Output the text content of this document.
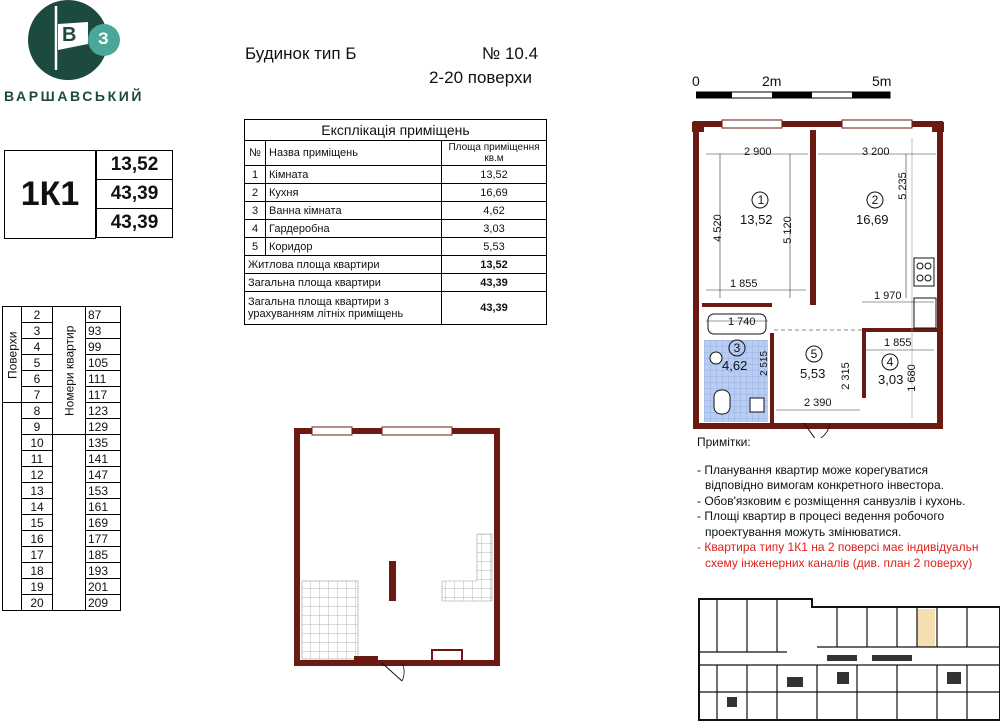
В З
ВАРШАВСЬКИЙ
Будинок тип Б	№ 10.4
2-20 поверхи
1К1
13,52
43,39
43,39
Експлікація приміщень		
№	Назва приміщень	Площа приміщення кв.м
1	Кімната	13,52
2	Кухня	16,69
3	Ванна кімната	4,62
4	Гардеробна	3,03
5	Коридор	5,53
Житлова площа квартири		13,52
Загальна площа квартири		43,39
Загальна площа квартири з урахуванням літніх приміщень		43,39
Поверхи	2	Номери квартир	87
	3		93
	4		99
	5		105
	6		111
	7		117
	8		123
	9		129
	10		135
	11		141
	12		147
	13		153
	14		161
	15		169
	16		177
	17		185
	18		193
	19		201
	20		209
0	2m	5m
1
13,52
2
16,69
3
4,62	4
3,03
5
5,53
2 900	3 200
4 520	5 120
5 235
1 855
1 970
1 740
1 855
2 315	1 680
2 390
2 515
Примітки:
- Планування квартир може корегуватися
відповідно вимогам конкретного інвестора.
- Обов'язковим є розміщення санвузлів і кухонь.
- Площі квартир в процесі ведення робочого
проектування можуть змінюватися.
- Квартира типу 1К1 на 2 поверсі має індивідуальн
схему інженерних каналів (див. план 2 поверху)
